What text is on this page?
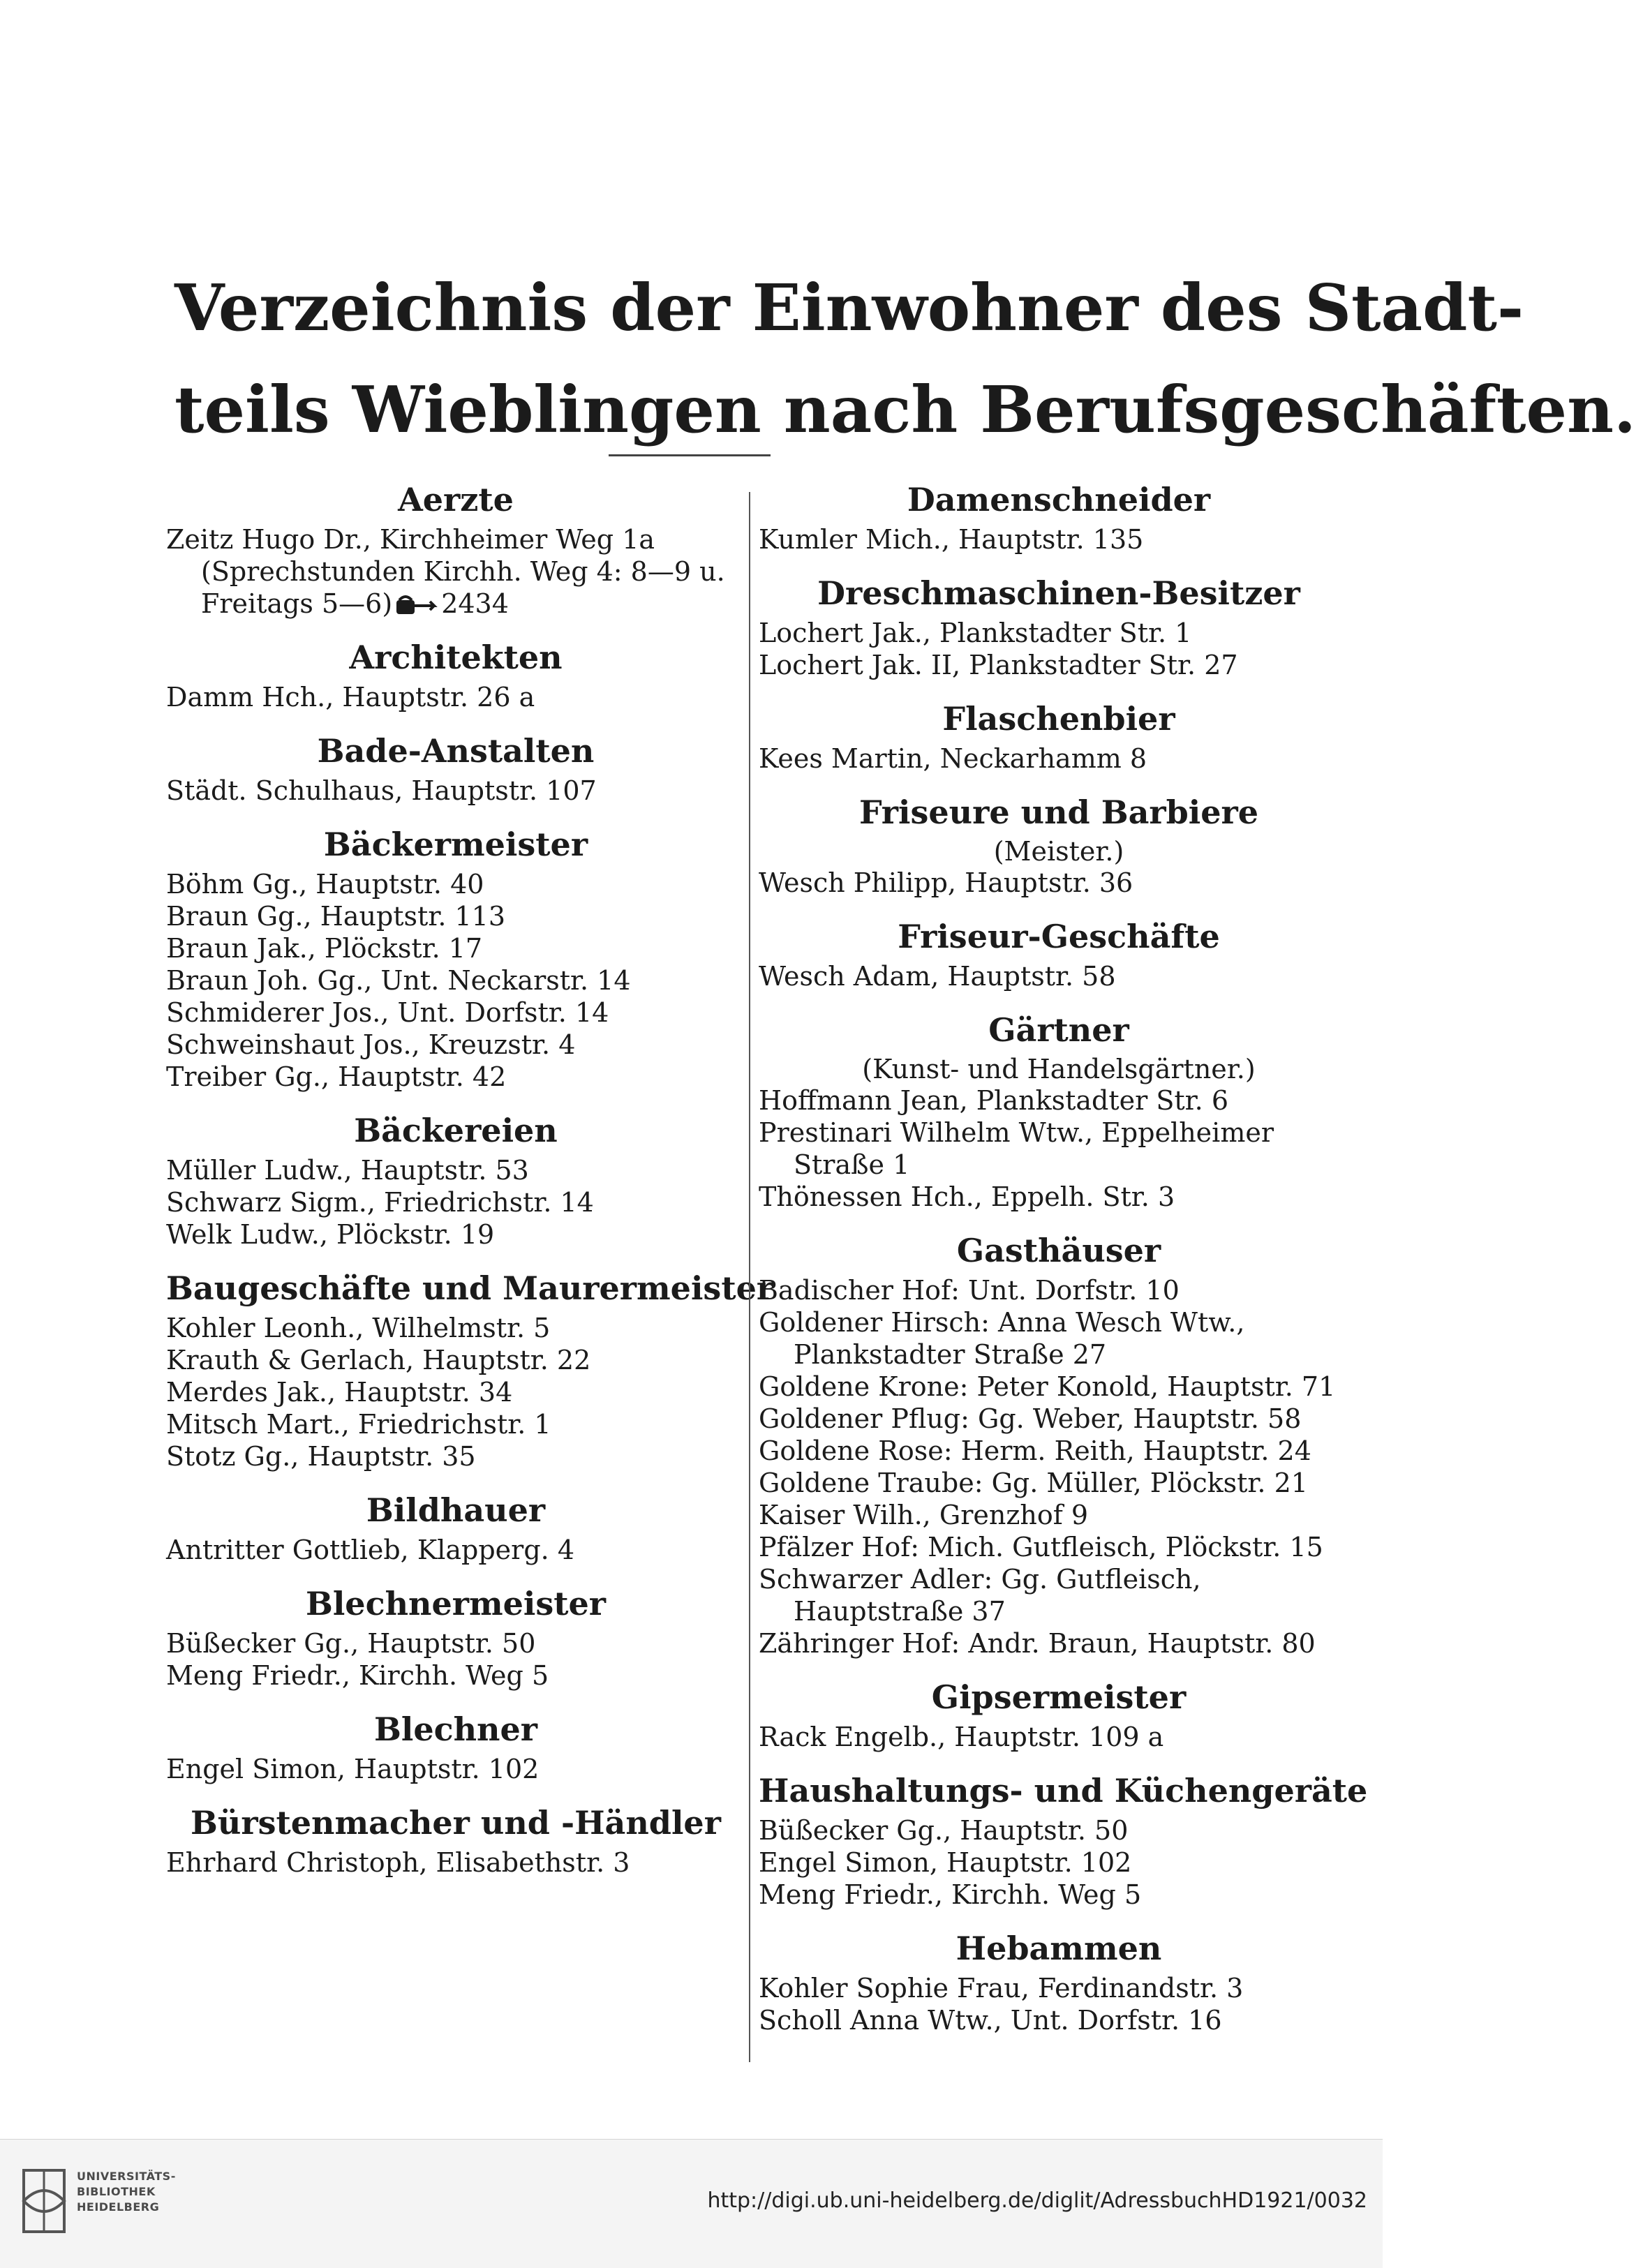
Verzeichnis der Einwohner des Stadt-
teils Wieblingen nach Berufsgeschäften.
Aerzte
Zeitz Hugo Dr., Kirchheimer Weg 1a (Sprechstunden Kirchh. Weg 4: 8—9 u. Freitags 5—6) 2434
Architekten
Damm Hch., Hauptstr. 26 a
Bade-Anstalten
Städt. Schulhaus, Hauptstr. 107
Bäckermeister
Böhm Gg., Hauptstr. 40
Braun Gg., Hauptstr. 113
Braun Jak., Plöckstr. 17
Braun Joh. Gg., Unt. Neckarstr. 14
Schmiderer Jos., Unt. Dorfstr. 14
Schweinshaut Jos., Kreuzstr. 4
Treiber Gg., Hauptstr. 42
Bäckereien
Müller Ludw., Hauptstr. 53
Schwarz Sigm., Friedrichstr. 14
Welk Ludw., Plöckstr. 19
Baugeschäfte und Maurermeister
Kohler Leonh., Wilhelmstr. 5
Krauth & Gerlach, Hauptstr. 22
Merdes Jak., Hauptstr. 34
Mitsch Mart., Friedrichstr. 1
Stotz Gg., Hauptstr. 35
Bildhauer
Antritter Gottlieb, Klapperg. 4
Blechnermeister
Büßecker Gg., Hauptstr. 50
Meng Friedr., Kirchh. Weg 5
Blechner
Engel Simon, Hauptstr. 102
Bürstenmacher und -Händler
Ehrhard Christoph, Elisabethstr. 3
Damenschneider
Kumler Mich., Hauptstr. 135
Dreschmaschinen-Besitzer
Lochert Jak., Plankstadter Str. 1
Lochert Jak. II, Plankstadter Str. 27
Flaschenbier
Kees Martin, Neckarhamm 8
Friseure und Barbiere
(Meister.)
Wesch Philipp, Hauptstr. 36
Friseur-Geschäfte
Wesch Adam, Hauptstr. 58
Gärtner
(Kunst- und Handelsgärtner.)
Hoffmann Jean, Plankstadter Str. 6
Prestinari Wilhelm Wtw., Eppelheimer Straße 1
Thönessen Hch., Eppelh. Str. 3
Gasthäuser
Badischer Hof: Unt. Dorfstr. 10
Goldener Hirsch: Anna Wesch Wtw., Plankstadter Straße 27
Goldene Krone: Peter Konold, Hauptstr. 71
Goldener Pflug: Gg. Weber, Hauptstr. 58
Goldene Rose: Herm. Reith, Hauptstr. 24
Goldene Traube: Gg. Müller, Plöckstr. 21
Kaiser Wilh., Grenzhof 9
Pfälzer Hof: Mich. Gutfleisch, Plöckstr. 15
Schwarzer Adler: Gg. Gutfleisch, Hauptstraße 37
Zähringer Hof: Andr. Braun, Hauptstr. 80
Gipsermeister
Rack Engelb., Hauptstr. 109 a
Haushaltungs- und Küchengeräte
Büßecker Gg., Hauptstr. 50
Engel Simon, Hauptstr. 102
Meng Friedr., Kirchh. Weg 5
Hebammen
Kohler Sophie Frau, Ferdinandstr. 3
Scholl Anna Wtw., Unt. Dorfstr. 16
UNIVERSITÄTS-
BIBLIOTHEK
HEIDELBERG	http://digi.ub.uni-heidelberg.de/diglit/AdressbuchHD1921/0032
